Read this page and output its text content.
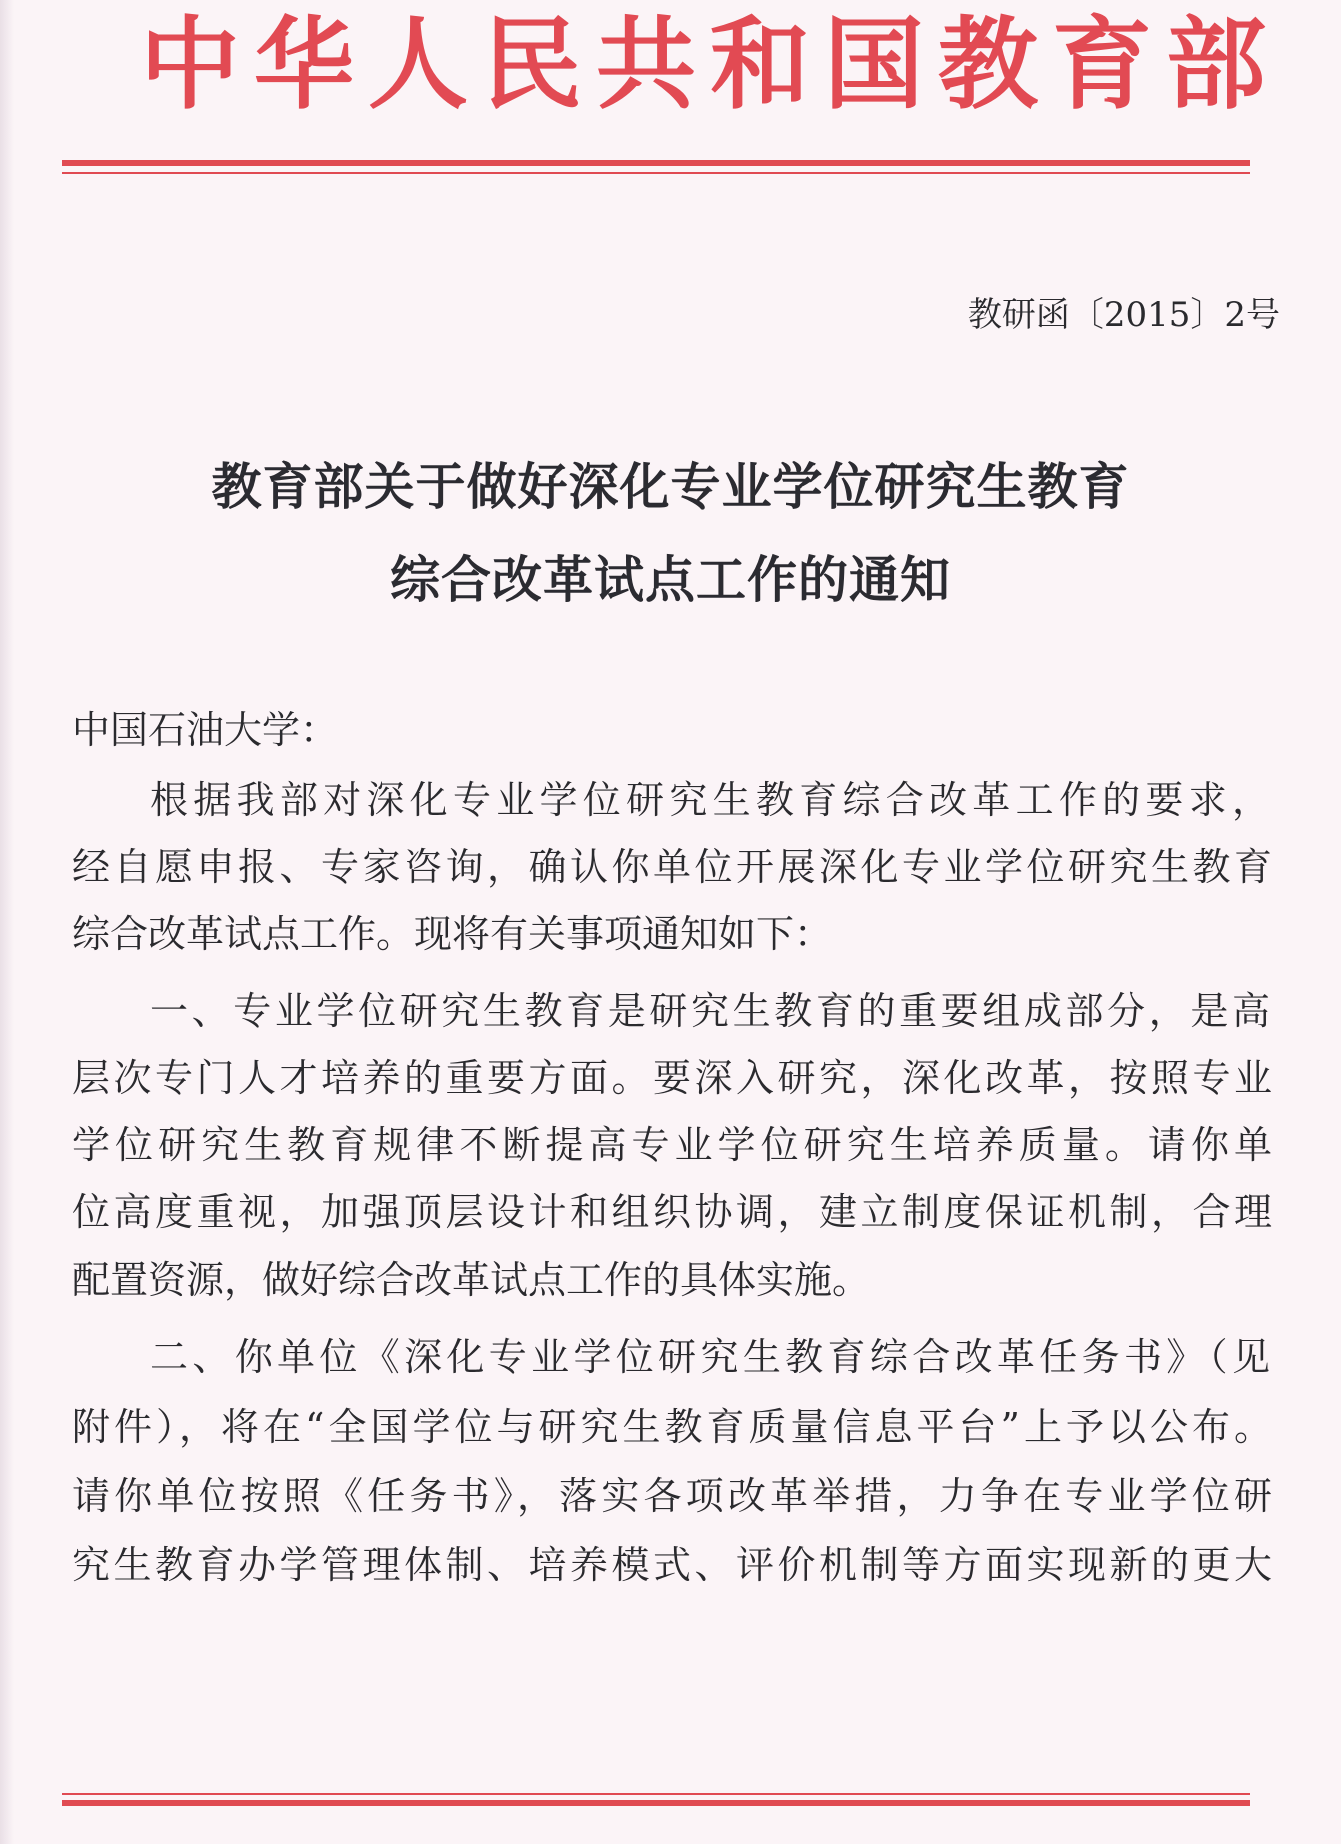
中华人民共和国教育部
教研函〔2015〕2号
教育部关于做好深化专业学位研究生教育
综合改革试点工作的通知
中国石油大学：
根据我部对深化专业学位研究生教育综合改革工作的要求，
经自愿申报、专家咨询，确认你单位开展深化专业学位研究生教育
综合改革试点工作。现将有关事项通知如下：
一、专业学位研究生教育是研究生教育的重要组成部分，是高
层次专门人才培养的重要方面。要深入研究，深化改革，按照专业
学位研究生教育规律不断提高专业学位研究生培养质量。请你单
位高度重视，加强顶层设计和组织协调，建立制度保证机制，合理
配置资源，做好综合改革试点工作的具体实施。
二、你单位《深化专业学位研究生教育综合改革任务书》（见
附件），将在“全国学位与研究生教育质量信息平台”上予以公布。
请你单位按照《任务书》，落实各项改革举措，力争在专业学位研
究生教育办学管理体制、培养模式、评价机制等方面实现新的更大
